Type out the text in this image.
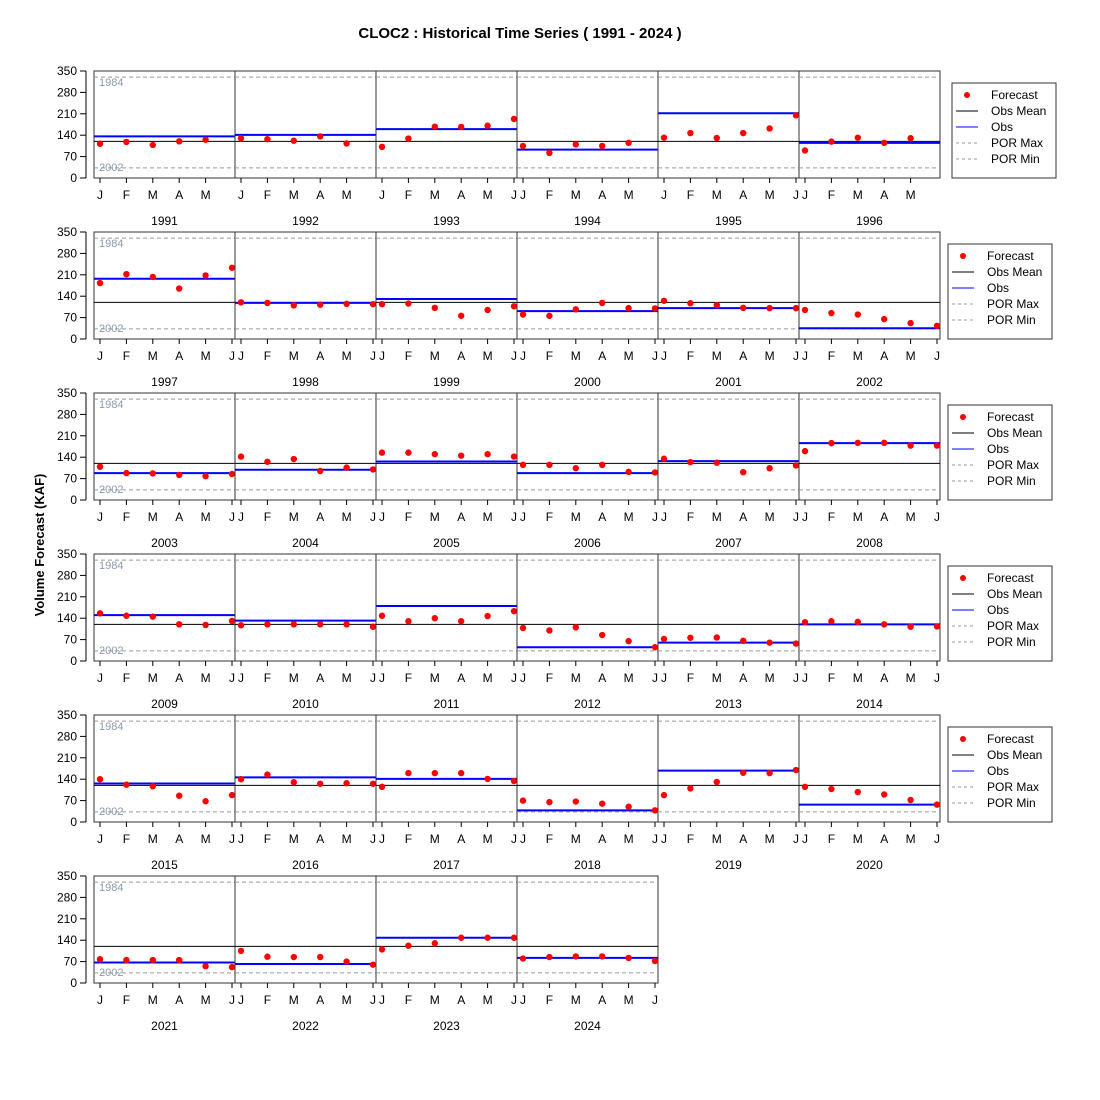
CLOC2 : Historical Time Series ( 1991 - 2024 )
Volume Forecast (KAF)
0
70
140
210
280
350
0
70
140
210
280
350
0
70
140
210
280
350
0
70
140
210
280
350
0
70
140
210
280
350
0
70
140
210
280
350
1984
2002
J F M A M
1991
J F M A M
1992
J F M A M J
1993
J F M A M
1994
J F M A M J
1995
J F M A M
1996
1984
2002
J F M A M J
1997
J F M A M J
1998
J F M A M J
1999
J F M A M J
2000
J F M A M J
2001
J F M A M J
2002
1984
2002
J F M A M J
2003
J F M A M J
2004
J F M A M J
2005
J F M A M J
2006
J F M A M J
2007
J F M A M J
2008
1984
2002
J F M A M J
2009
J F M A M J
2010
J F M A M J
2011
J F M A M J
2012
J F M A M J
2013
J F M A M J
2014
1984
2002
J F M A M J
2015
J F M A M J
2016
J F M A M J
2017
J F M A M J
2018
J F M A M J
2019
J F M A M J
2020
1984
2002
J F M A M J
2021
J F M A M J
2022
J F M A M J
2023
J F M A M J
2024
Forecast
Obs Mean
Obs
POR Max
POR Min
Forecast
Obs Mean
Obs
POR Max
POR Min
Forecast
Obs Mean
Obs
POR Max
POR Min
Forecast
Obs Mean
Obs
POR Max
POR Min
Forecast
Obs Mean
Obs
POR Max
POR Min
